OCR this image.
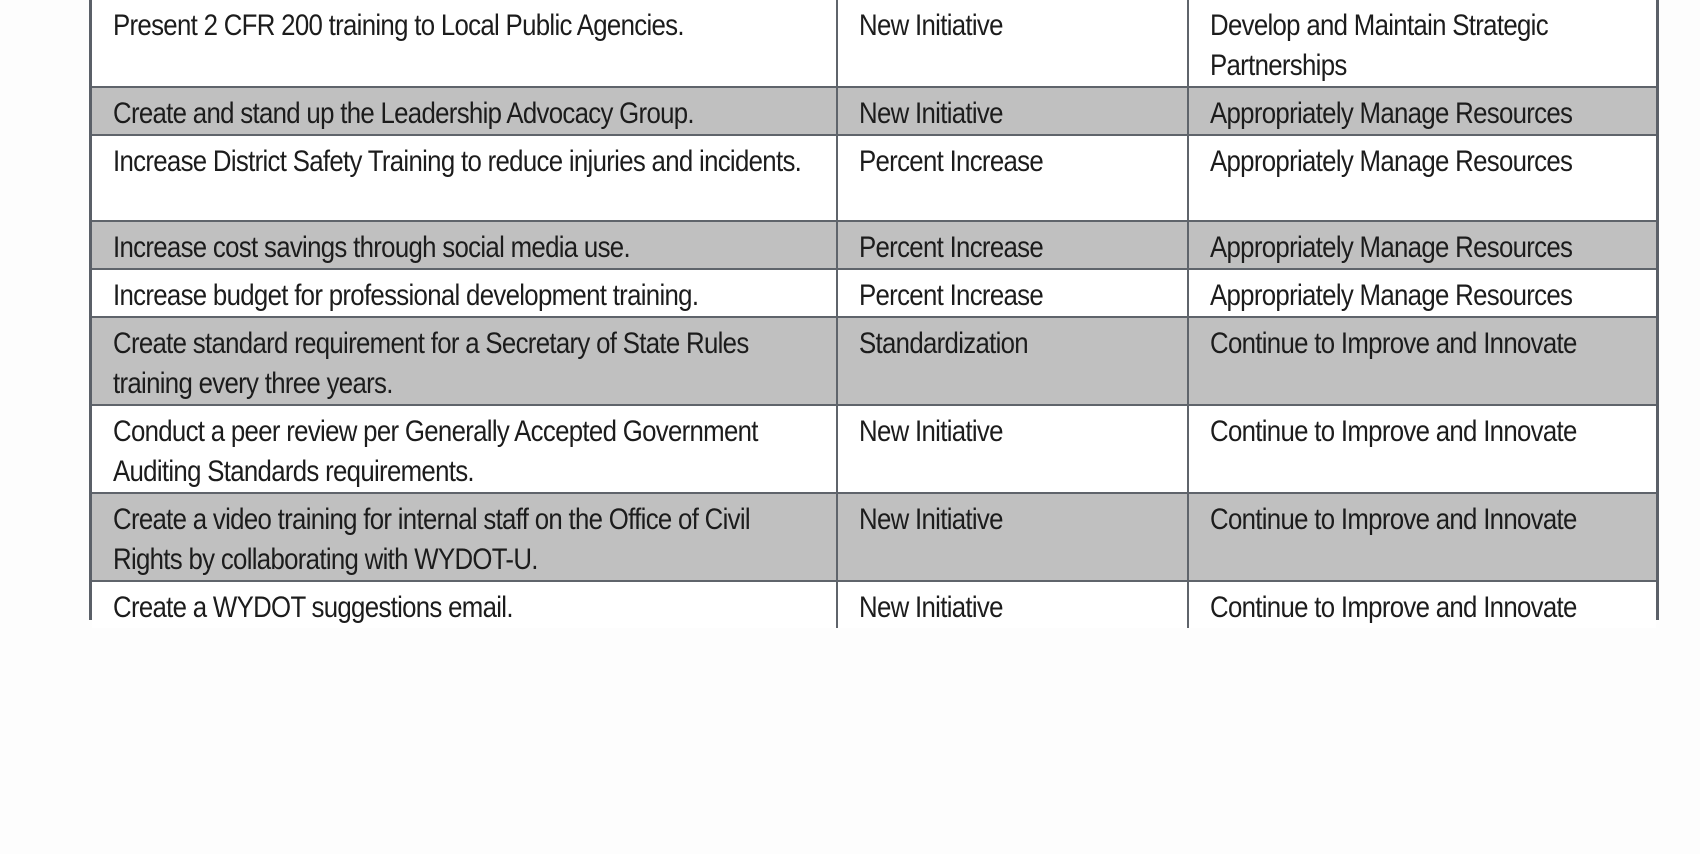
Present 2 CFR 200 training to Local Public Agencies.	New Initiative	Develop and Maintain Strategic Partnerships

Create and stand up the Leadership Advocacy Group.	New Initiative	Appropriately Manage Resources

Increase District Safety Training to reduce injuries and incidents.	Percent Increase	Appropriately Manage Resources

Increase cost savings through social media use.	Percent Increase	Appropriately Manage Resources

Increase budget for professional development training.	Percent Increase	Appropriately Manage Resources

Create standard requirement for a Secretary of State Rules training every three years.	Standardization	Continue to Improve and Innovate

Conduct a peer review per Generally Accepted Government Auditing Standards requirements.	New Initiative	Continue to Improve and Innovate

Create a video training for internal staff on the Office of Civil Rights by collaborating with WYDOT-U.	New Initiative	Continue to Improve and Innovate

Create a WYDOT suggestions email.	New Initiative	Continue to Improve and Innovate
